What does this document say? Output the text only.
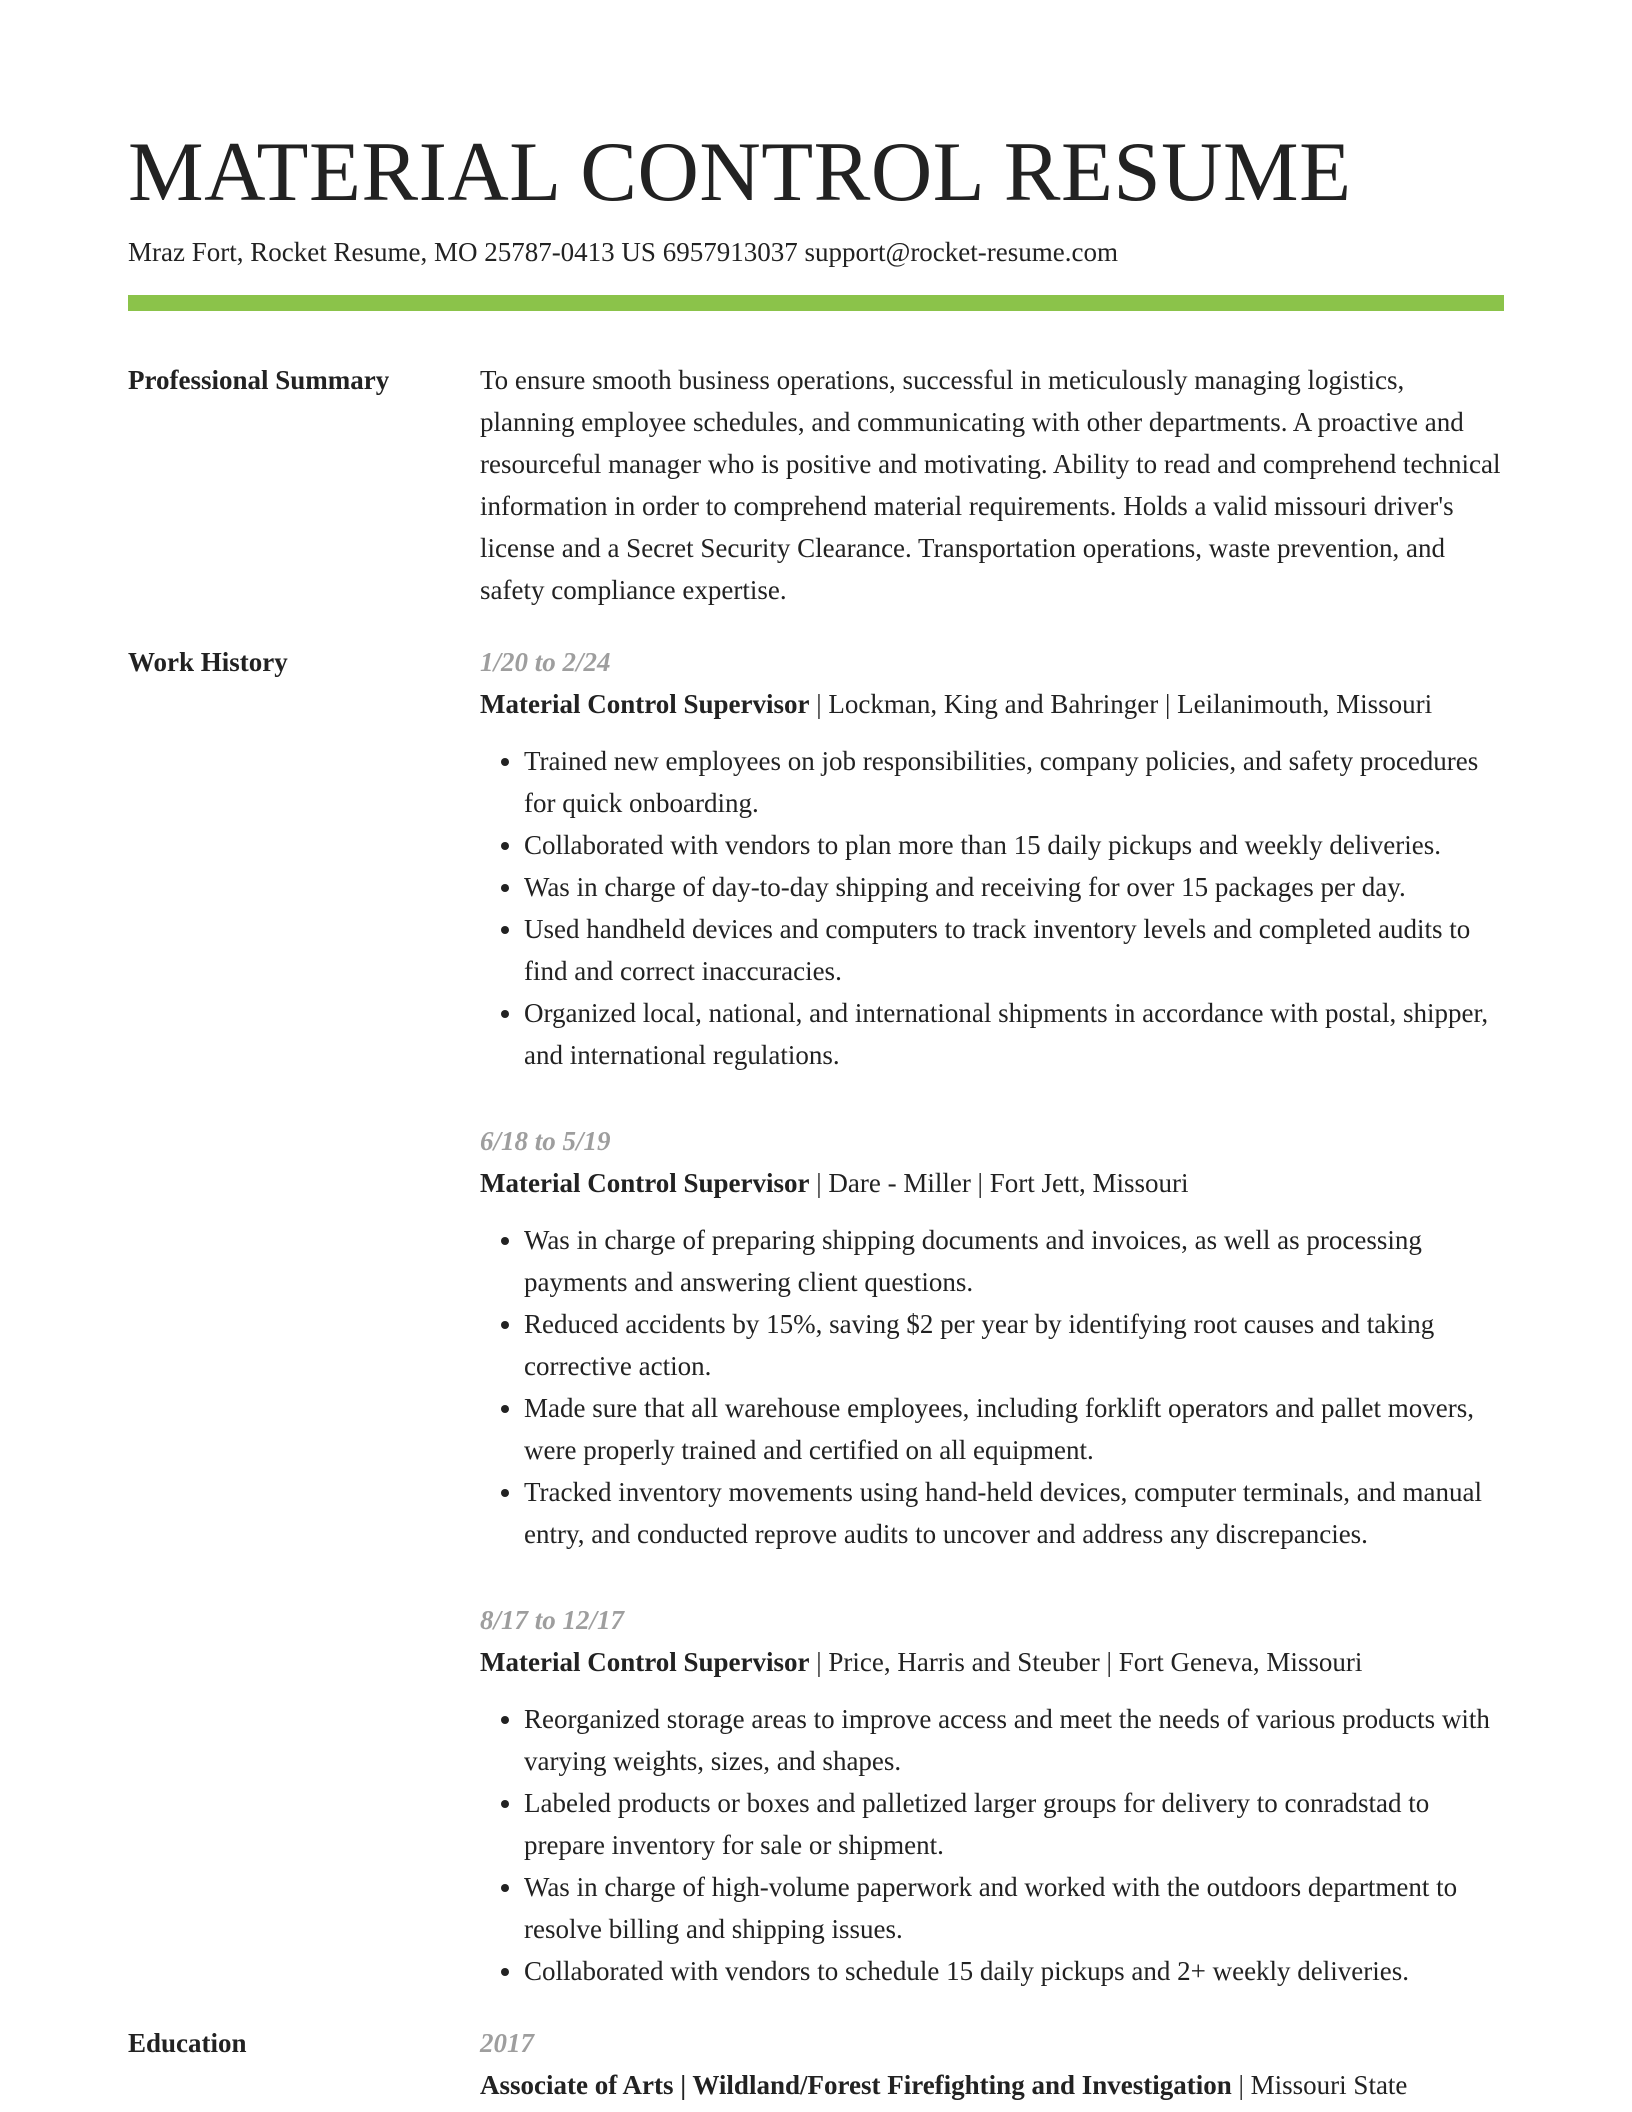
MATERIAL CONTROL RESUME
Mraz Fort, Rocket Resume, MO 25787-0413 US 6957913037 support@rocket-resume.com
Professional Summary	To ensure smooth business operations, successful in meticulously managing logistics, planning employee schedules, and communicating with other departments. A proactive and resourceful manager who is positive and motivating. Ability to read and comprehend technical information in order to comprehend material requirements. Holds a valid missouri driver's license and a Secret Security Clearance. Transportation operations, waste prevention, and safety compliance expertise.

Work History	1/20 to 2/24
Material Control Supervisor | Lockman, King and Bahringer | Leilanimouth, Missouri
• Trained new employees on job responsibilities, company policies, and safety procedures for quick onboarding.
• Collaborated with vendors to plan more than 15 daily pickups and weekly deliveries.
• Was in charge of day-to-day shipping and receiving for over 15 packages per day.
• Used handheld devices and computers to track inventory levels and completed audits to find and correct inaccuracies.
• Organized local, national, and international shipments in accordance with postal, shipper, and international regulations.
6/18 to 5/19
Material Control Supervisor | Dare - Miller | Fort Jett, Missouri
• Was in charge of preparing shipping documents and invoices, as well as processing payments and answering client questions.
• Reduced accidents by 15%, saving $2 per year by identifying root causes and taking corrective action.
• Made sure that all warehouse employees, including forklift operators and pallet movers, were properly trained and certified on all equipment.
• Tracked inventory movements using hand-held devices, computer terminals, and manual entry, and conducted reprove audits to uncover and address any discrepancies.
8/17 to 12/17
Material Control Supervisor | Price, Harris and Steuber | Fort Geneva, Missouri
• Reorganized storage areas to improve access and meet the needs of various products with varying weights, sizes, and shapes.
• Labeled products or boxes and palletized larger groups for delivery to conradstad to prepare inventory for sale or shipment.
• Was in charge of high-volume paperwork and worked with the outdoors department to resolve billing and shipping issues.
• Collaborated with vendors to schedule 15 daily pickups and 2+ weekly deliveries.
Education	2017
Associate of Arts | Wildland/Forest Firefighting and Investigation | Missouri State
